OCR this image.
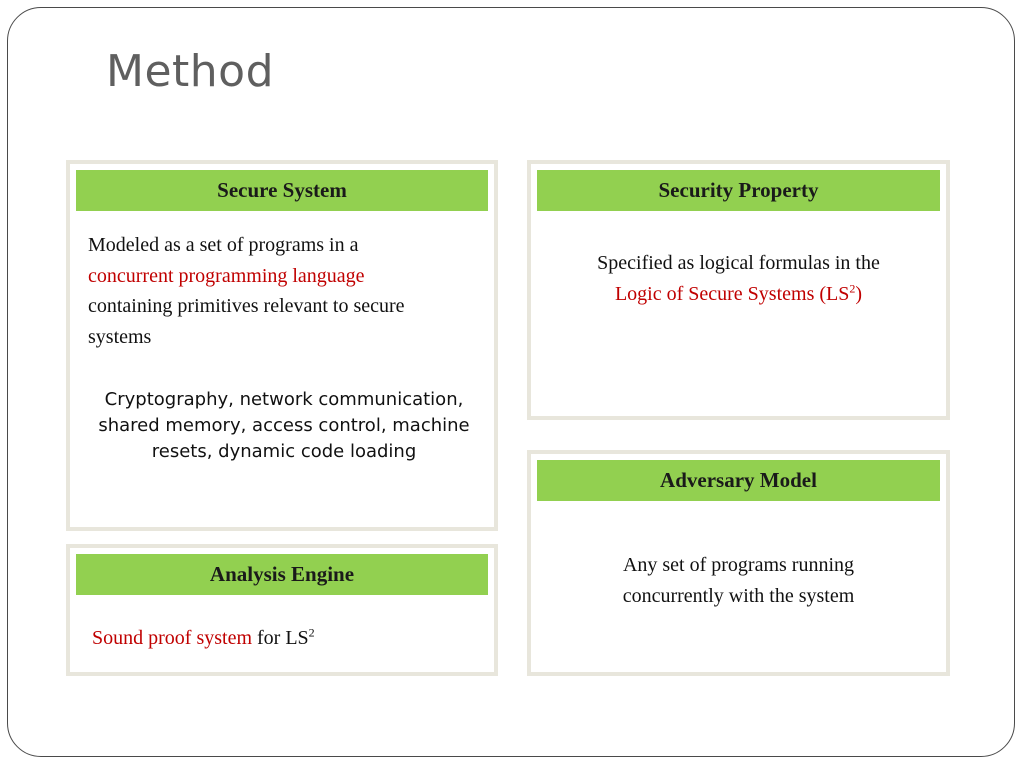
Method
Secure System
Modeled as a set of programs in a
concurrent programming language
containing primitives relevant to secure
systems
Cryptography, network communication, shared memory, access control, machine resets, dynamic code loading
Security Property
Specified as logical formulas in the
Logic of Secure Systems $(LS^2)$
Analysis Engine
Sound proof system for $LS^2$
Adversary Model
Any set of programs running
concurrently with the system
